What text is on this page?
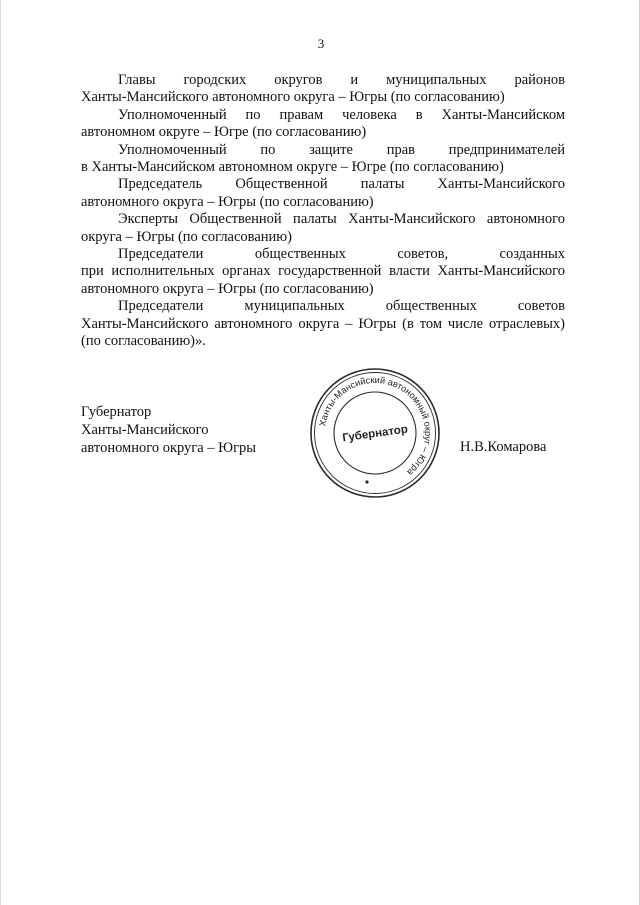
3

Главы городских округов и муниципальных районов
Ханты-Мансийского автономного округа – Югры (по согласованию)

Уполномоченный по правам человека в Ханты-Мансийском
автономном округе – Югре (по согласованию)

Уполномоченный по защите прав предпринимателей
в Ханты-Мансийском автономном округе – Югре (по согласованию)

Председатель Общественной палаты Ханты-Мансийского
автономного округа – Югры (по согласованию)

Эксперты Общественной палаты Ханты-Мансийского автономного
округа – Югры (по согласованию)

Председатели общественных советов, созданных
при исполнительных органах государственной власти Ханты-Мансийского автономного округа – Югры (по согласованию)

Председатели муниципальных общественных советов
Ханты-Мансийского автономного округа – Югры (в том числе отраслевых) (по согласованию)».

Губернатор
Ханты-Мансийского
автономного округа – Югры
Ханты-Мансийский автономный округ – Югра
Губернатор
Н.В.Комарова
